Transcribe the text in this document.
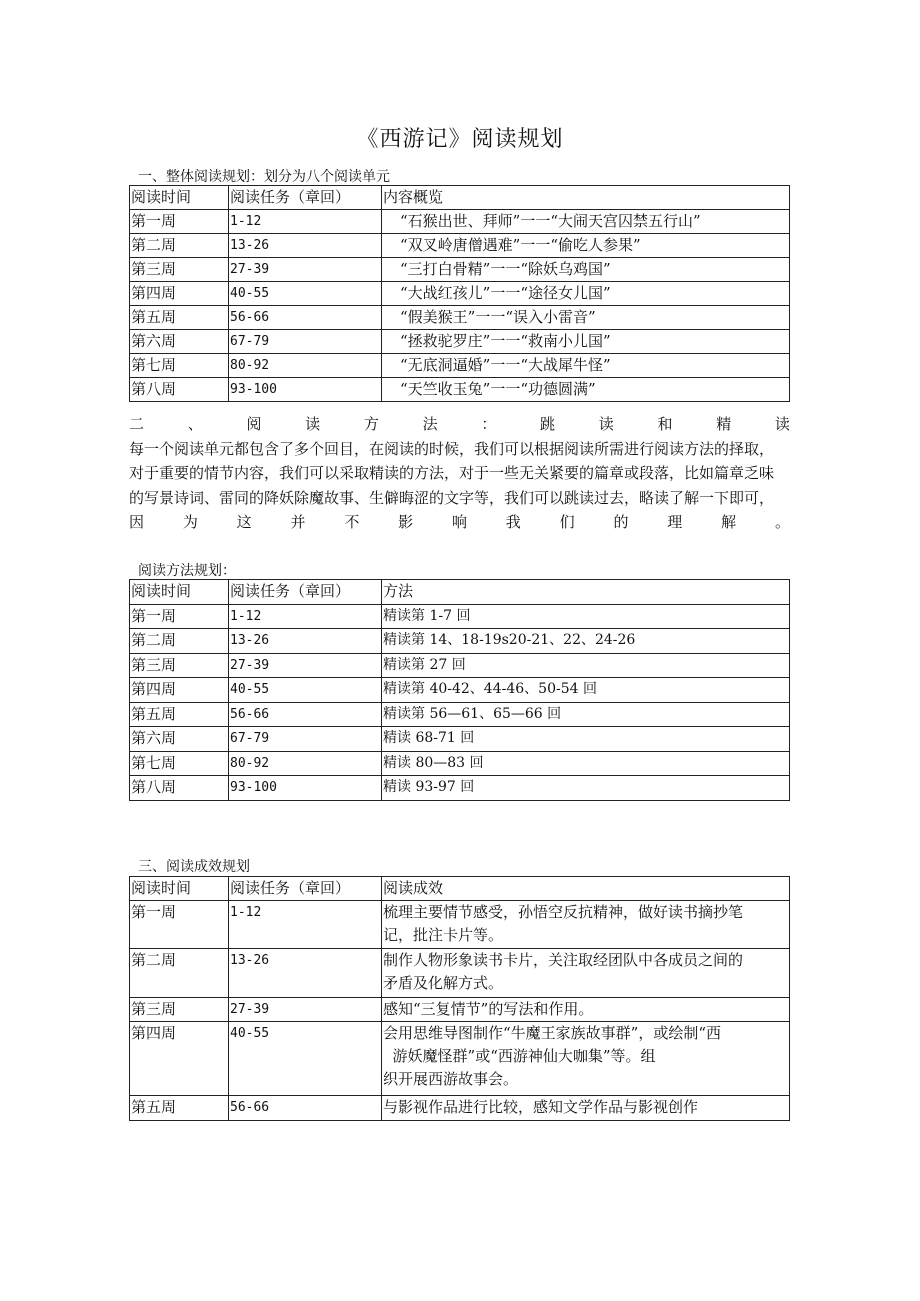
《西游记》阅读规划
一、整体阅读规划：划分为八个阅读单元
阅读时间	阅读任务（章回）	内容概览
第一周	1-12	“石猴出世、拜师”一一“大闹天宫囚禁五行山”
第二周	13-26	“双叉岭唐僧遇难”一一“偷吃人参果”
第三周	27-39	“三打白骨精”一一“除妖乌鸡国”
第四周	40-55	“大战红孩儿”一一“途径女儿国”
第五周	56-66	“假美猴王”一一“误入小雷音”
第六周	67-79	“拯救驼罗庄”一一“救南小儿国”
第七周	80-92	“无底洞逼婚”一一“大战犀牛怪”
第八周	93-100	“天竺收玉兔”一一“功德圆满”
二	、	阅	读	方	法	：	跳	读	和	精	读

每一个阅读单元都包含了多个回目，在阅读的时候，我们可以根据阅读所需进行阅读方法的择取，

对于重要的情节内容，我们可以采取精读的方法，对于一些无关紧要的篇章或段落，比如篇章乏味

的写景诗词、雷同的降妖除魔故事、生僻晦涩的文字等，我们可以跳读过去，略读了解一下即可，

因	为	这	并	不	影	响	我	们	的	理	解	。
阅读方法规划：
阅读时间	阅读任务（章回）	方法
第一周	1-12	精读第 1-7 回
第二周	13-26	精读第 14、18-19s20-21、22、24-26
第三周	27-39	精读第 27 回
第四周	40-55	精读第 40-42、44-46、50-54 回
第五周	56-66	精读第 56—61、65—66 回
第六周	67-79	精读 68-71 回
第七周	80-92	精读 80—83 回
第八周	93-100	精读 93-97 回
三、阅读成效规划
阅读时间	阅读任务（章回）	阅读成效
第一周	1-12	梳理主要情节感受，孙悟空反抗精神，做好读书摘抄笔
记，批注卡片等。

第二周	13-26	制作人物形象读书卡片，关注取经团队中各成员之间的
矛盾及化解方式。

第三周	27-39	感知“三复情节”的写法和作用。

第四周	40-55	会用思维导图制作“牛魔王家族故事群”，或绘制“西
游妖魔怪群”或“西游神仙大咖集”等。组
织开展西游故事会。

第五周	56-66	与影视作品进行比较，感知文学作品与影视创作
